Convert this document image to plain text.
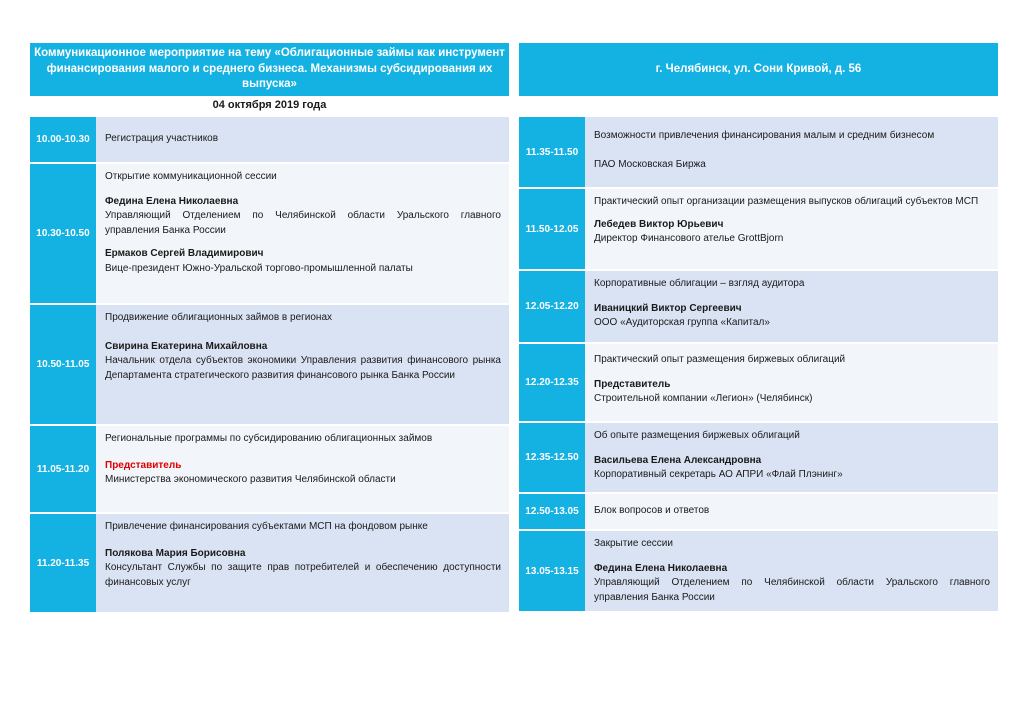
Коммуникационное мероприятие на тему «Облигационные займы как инструмент финансирования малого и среднего бизнеса. Механизмы субсидирования их выпуска»
г. Челябинск, ул. Сони Кривой, д. 56
04 октября 2019 года
10.00-10.30	Регистрация участников
10.30-10.50
Открытие коммуникационной сессии
Федина Елена Николаевна
Управляющий Отделением по Челябинской области Уральского главного управления Банка России
Ермаков Сергей Владимирович
Вице-президент Южно-Уральской торгово-промышленной палаты
10.50-11.05
Продвижение облигационных займов в регионах
Свирина Екатерина Михайловна
Начальник отдела субъектов экономики Управления развития финансового рынка Департамента стратегического развития финансового рынка Банка России
11.05-11.20
Региональные программы по субсидированию облигационных займов
Представитель
Министерства экономического развития Челябинской области
11.20-11.35
Привлечение финансирования субъектами МСП на фондовом рынке
Полякова Мария Борисовна
Консультант Службы по защите прав потребителей и обеспечению доступности финансовых услуг
11.35-11.50
Возможности привлечения финансирования малым и средним бизнесом
ПАО Московская Биржа
11.50-12.05
Практический опыт организации размещения выпусков облигаций субъектов МСП
Лебедев Виктор Юрьевич
Директор Финансового ательe GrottBjorn
12.05-12.20
Корпоративные облигации – взгляд аудитора
Иваницкий Виктор Сергеевич
ООО «Аудиторская группа «Капитал»
12.20-12.35
Практический опыт размещения биржевых облигаций
Представитель
Строительной компании «Легион» (Челябинск)
12.35-12.50
Об опыте размещения биржевых облигаций
Васильева Елена Александровна
Корпоративный секретарь АО АПРИ «Флай Плэнинг»
12.50-13.05	Блок вопросов и ответов
13.05-13.15
Закрытие сессии
Федина Елена Николаевна
Управляющий Отделением по Челябинской области Уральского главного управления Банка России
